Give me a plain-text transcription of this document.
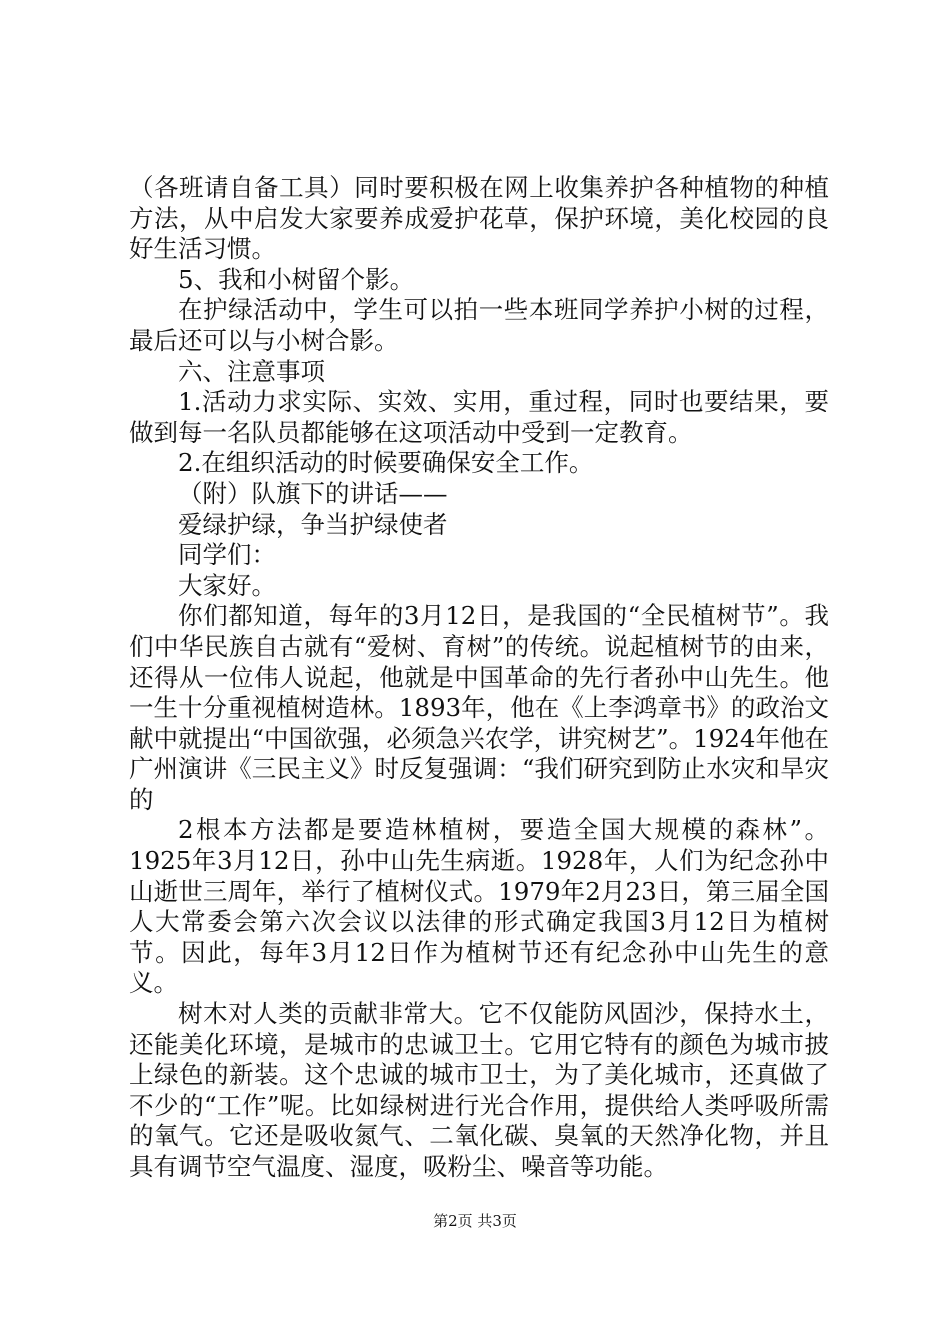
（各班请自备工具）同时要积极在网上收集养护各种植物的种植方法，从中启发大家要养成爱护花草，保护环境，美化校园的良好生活习惯。

5、我和小树留个影。

在护绿活动中，学生可以拍一些本班同学养护小树的过程，最后还可以与小树合影。

六、注意事项

1.活动力求实际、实效、实用，重过程，同时也要结果，要做到每一名队员都能够在这项活动中受到一定教育。

2.在组织活动的时候要确保安全工作。

（附）队旗下的讲话——

爱绿护绿，争当护绿使者

同学们：

大家好。

你们都知道，每年的3月12日，是我国的“全民植树节”。我们中华民族自古就有“爱树、育树”的传统。说起植树节的由来，还得从一位伟人说起，他就是中国革命的先行者孙中山先生。他一生十分重视植树造林。1893年，他在《上李鸿章书》的政治文献中就提出“中国欲强，必须急兴农学，讲究树艺”。1924年他在广州演讲《三民主义》时反复强调：“我们研究到防止水灾和旱灾的

2根本方法都是要造林植树，要造全国大规模的森林”。1925年3月12日，孙中山先生病逝。1928年，人们为纪念孙中山逝世三周年，举行了植树仪式。1979年2月23日，第三届全国人大常委会第六次会议以法律的形式确定我国3月12日为植树节。因此，每年3月12日作为植树节还有纪念孙中山先生的意义。

树木对人类的贡献非常大。它不仅能防风固沙，保持水土，还能美化环境，是城市的忠诚卫士。它用它特有的颜色为城市披上绿色的新装。这个忠诚的城市卫士，为了美化城市，还真做了不少的“工作”呢。比如绿树进行光合作用，提供给人类呼吸所需的氧气。它还是吸收氮气、二氧化碳、臭氧的天然净化物，并且具有调节空气温度、湿度，吸粉尘、噪音等功能。

第2页 共3页
